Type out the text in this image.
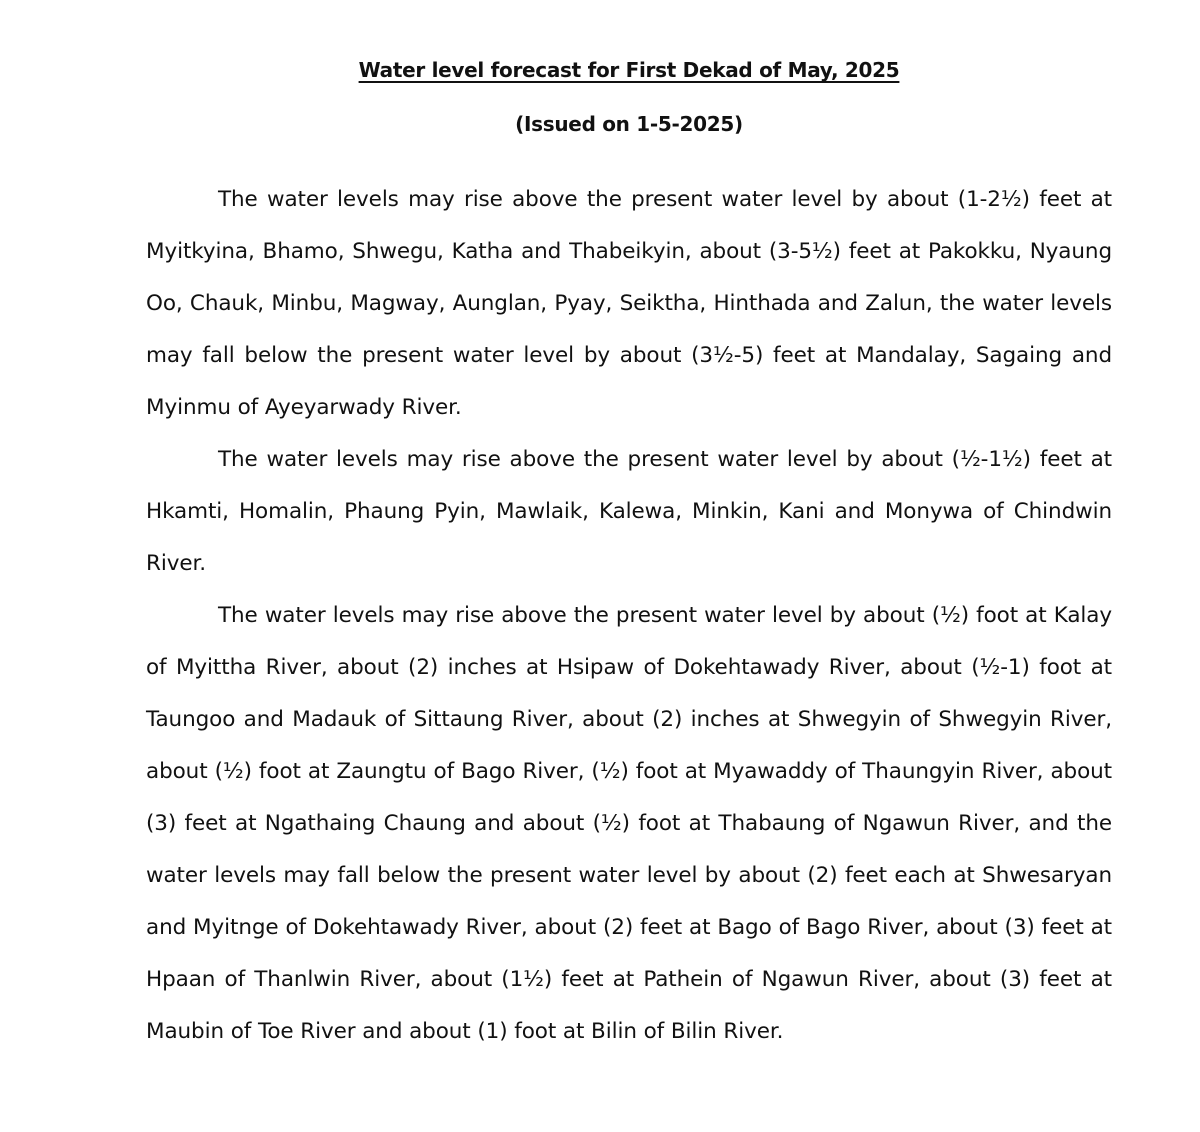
Water level forecast for First Dekad of May, 2025
(Issued on 1-5-2025)

The water levels may rise above the present water level by about (1-2½) feet at Myitkyina, Bhamo, Shwegu, Katha and Thabeikyin, about (3-5½) feet at Pakokku, Nyaung Oo, Chauk, Minbu, Magway, Aunglan, Pyay, Seiktha, Hinthada and Zalun, the water levels may fall below the present water level by about (3½-5) feet at Mandalay, Sagaing and Myinmu of Ayeyarwady River.

The water levels may rise above the present water level by about (½-1½) feet at Hkamti, Homalin, Phaung Pyin, Mawlaik, Kalewa, Minkin, Kani and Monywa of Chindwin River.

The water levels may rise above the present water level by about (½) foot at Kalay of Myittha River, about (2) inches at Hsipaw of Dokehtawady River, about (½-1) foot at Taungoo and Madauk of Sittaung River, about (2) inches at Shwegyin of Shwegyin River, about (½) foot at Zaungtu of Bago River, (½) foot at Myawaddy of Thaungyin River, about (3) feet at Ngathaing Chaung and about (½) foot at Thabaung of Ngawun River, and the water levels may fall below the present water level by about (2) feet each at Shwesaryan and Myitnge of Dokehtawady River, about (2) feet at Bago of Bago River, about (3) feet at Hpaan of Thanlwin River, about (1½) feet at Pathein of Ngawun River, about (3) feet at Maubin of Toe River and about (1) foot at Bilin of Bilin River.
